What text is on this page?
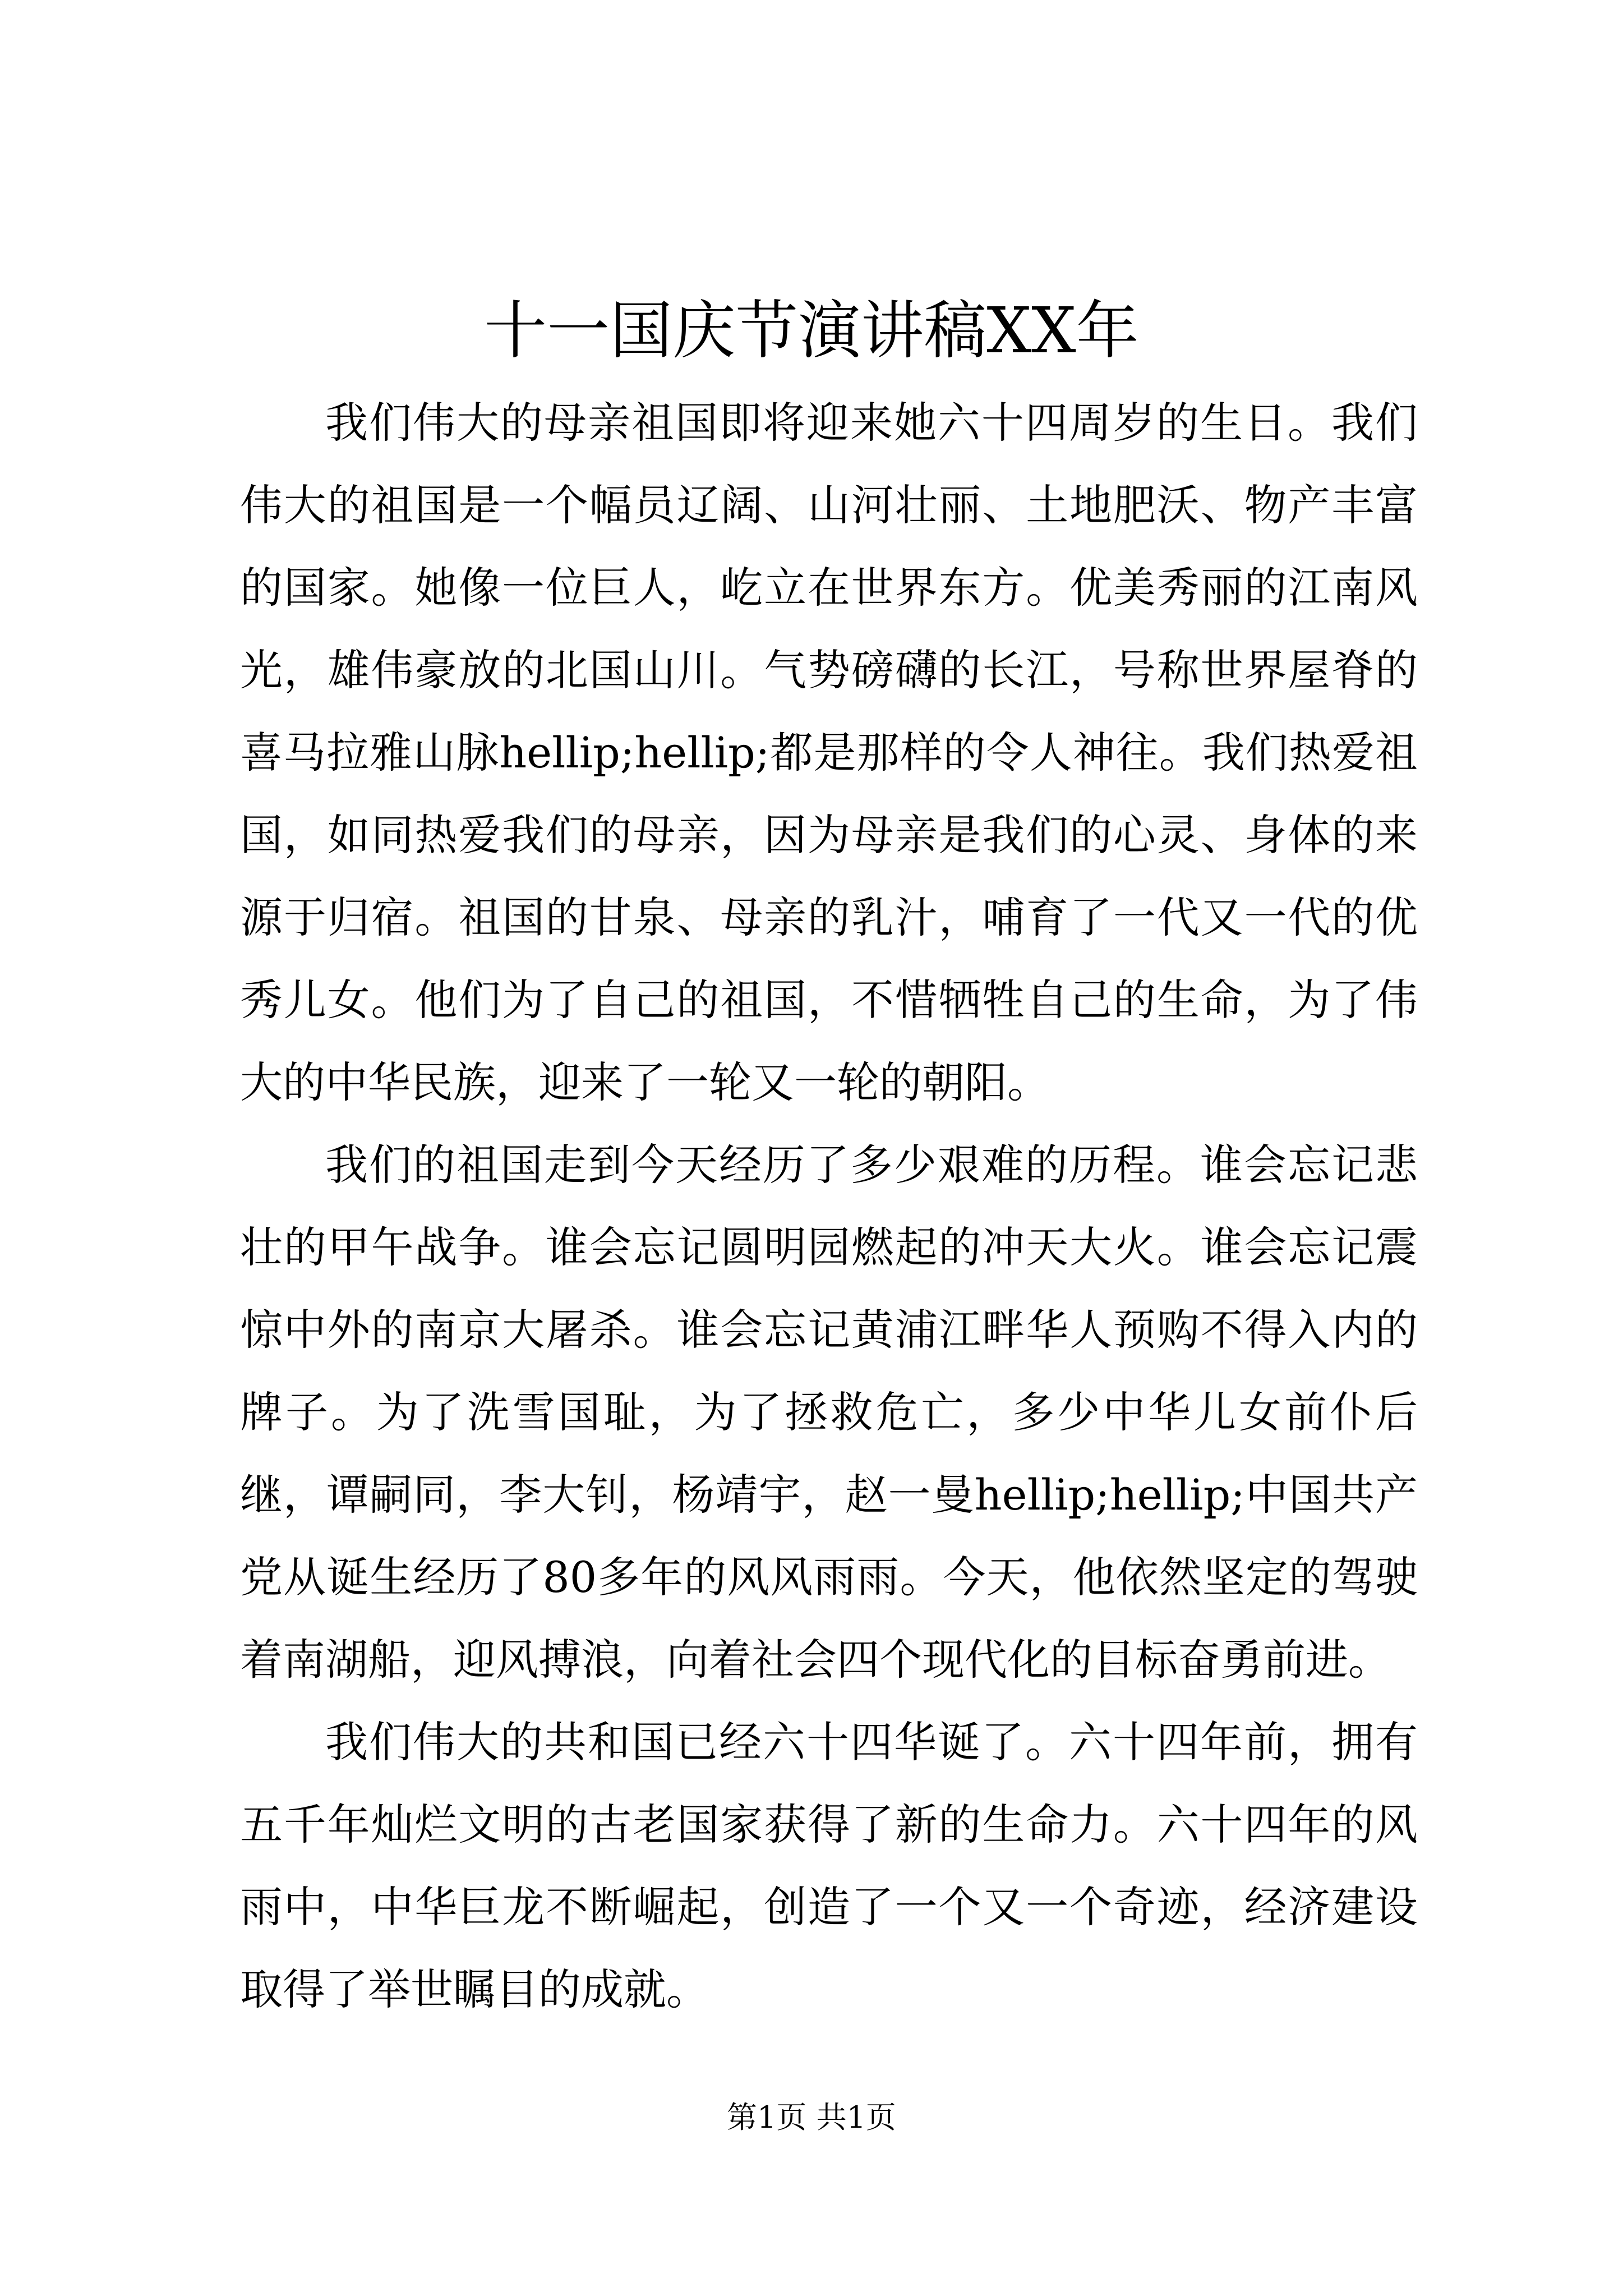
十一国庆节演讲稿XX年

我们伟大的母亲祖国即将迎来她六十四周岁的生日。我们伟大的祖国是一个幅员辽阔、山河壮丽、土地肥沃、物产丰富的国家。她像一位巨人，屹立在世界东方。优美秀丽的江南风光，雄伟豪放的北国山川。气势磅礴的长江，号称世界屋脊的喜马拉雅山脉hellip;hellip;都是那样的令人神往。我们热爱祖国，如同热爱我们的母亲，因为母亲是我们的心灵、身体的来源于归宿。祖国的甘泉、母亲的乳汁，哺育了一代又一代的优秀儿女。他们为了自己的祖国，不惜牺牲自己的生命，为了伟大的中华民族，迎来了一轮又一轮的朝阳。

我们的祖国走到今天经历了多少艰难的历程。谁会忘记悲壮的甲午战争。谁会忘记圆明园燃起的冲天大火。谁会忘记震惊中外的南京大屠杀。谁会忘记黄浦江畔华人预购不得入内的牌子。为了洗雪国耻，为了拯救危亡，多少中华儿女前仆后继，谭嗣同，李大钊，杨靖宇，赵一曼hellip;hellip;中国共产党从诞生经历了80多年的风风雨雨。今天，他依然坚定的驾驶着南湖船，迎风搏浪，向着社会四个现代化的目标奋勇前进。

我们伟大的共和国已经六十四华诞了。六十四年前，拥有五千年灿烂文明的古老国家获得了新的生命力。六十四年的风雨中，中华巨龙不断崛起，创造了一个又一个奇迹，经济建设取得了举世瞩目的成就。

第1页 共1页
